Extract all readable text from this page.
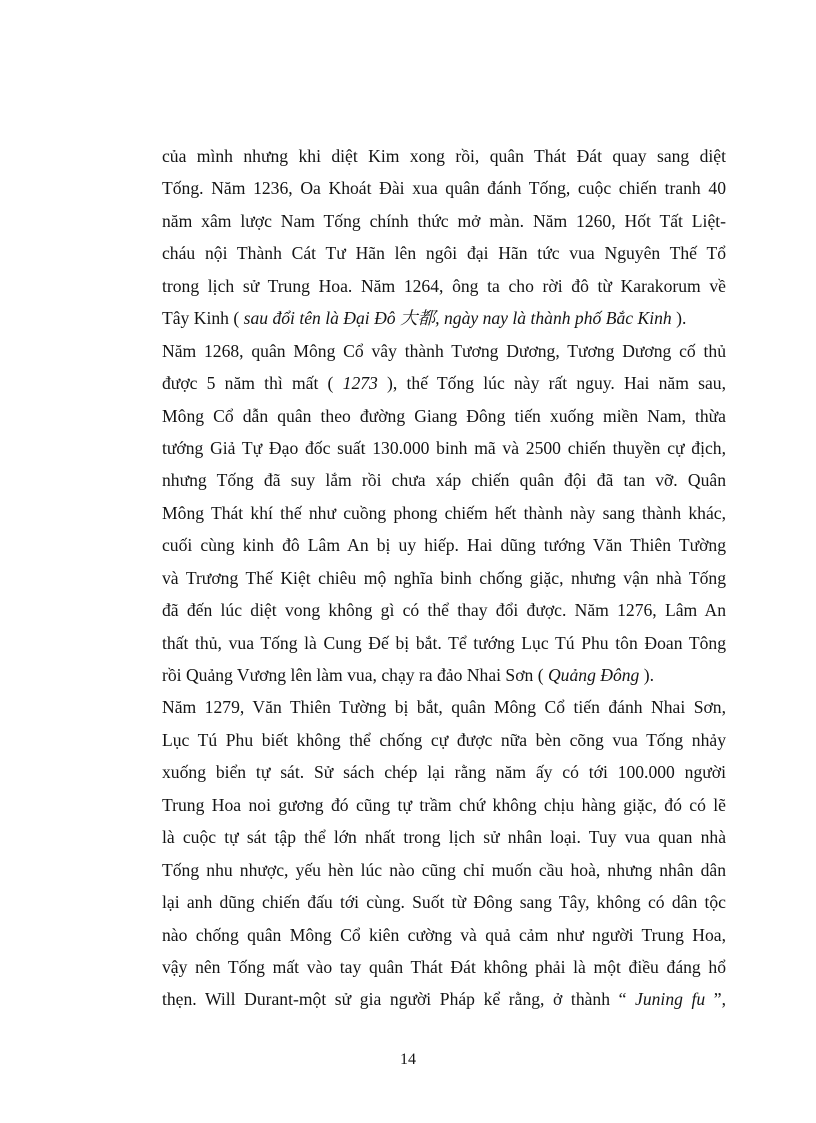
của mình nhưng khi diệt Kim xong rồi, quân Thát Đát quay sang diệt
Tống. Năm 1236, Oa Khoát Đài xua quân đánh Tống, cuộc chiến tranh 40
năm xâm lược Nam Tống chính thức mở màn. Năm 1260, Hốt Tất Liệt-
cháu nội Thành Cát Tư Hãn lên ngôi đại Hãn tức vua Nguyên Thế Tổ
trong lịch sử Trung Hoa. Năm 1264, ông ta cho rời đô từ Karakorum về
Tây Kinh ( sau đổi tên là Đại Đô 大都, ngày nay là thành phố Bắc Kinh ).
Năm 1268, quân Mông Cổ vây thành Tương Dương, Tương Dương cố thủ
được 5 năm thì mất ( 1273 ), thế Tống lúc này rất nguy. Hai năm sau,
Mông Cổ dẫn quân theo đường Giang Đông tiến xuống miền Nam, thừa
tướng Giả Tự Đạo đốc suất 130.000 binh mã và 2500 chiến thuyền cự địch,
nhưng Tống đã suy lắm rồi chưa xáp chiến quân đội đã tan vỡ. Quân
Mông Thát khí thế như cuồng phong chiếm hết thành này sang thành khác,
cuối cùng kinh đô Lâm An bị uy hiếp. Hai dũng tướng Văn Thiên Tường
và Trương Thế Kiệt chiêu mộ nghĩa binh chống giặc, nhưng vận nhà Tống
đã đến lúc diệt vong không gì có thể thay đổi được. Năm 1276, Lâm An
thất thủ, vua Tống là Cung Đế bị bắt. Tể tướng Lục Tú Phu tôn Đoan Tông
rồi Quảng Vương lên làm vua, chạy ra đảo Nhai Sơn ( Quảng Đông ).
Năm 1279, Văn Thiên Tường bị bắt, quân Mông Cổ tiến đánh Nhai Sơn,
Lục Tú Phu biết không thể chống cự được nữa bèn cõng vua Tống nhảy
xuống biển tự sát. Sử sách chép lại rằng năm ấy có tới 100.000 người
Trung Hoa noi gương đó cũng tự trầm chứ không chịu hàng giặc, đó có lẽ
là cuộc tự sát tập thể lớn nhất trong lịch sử nhân loại. Tuy vua quan nhà
Tống nhu nhược, yếu hèn lúc nào cũng chỉ muốn cầu hoà, nhưng nhân dân
lại anh dũng chiến đấu tới cùng. Suốt từ Đông sang Tây, không có dân tộc
nào chống quân Mông Cổ kiên cường và quả cảm như người Trung Hoa,
vậy nên Tống mất vào tay quân Thát Đát không phải là một điều đáng hổ
thẹn. Will Durant-một sử gia người Pháp kể rằng, ở thành “ Juning fu ”,
14
